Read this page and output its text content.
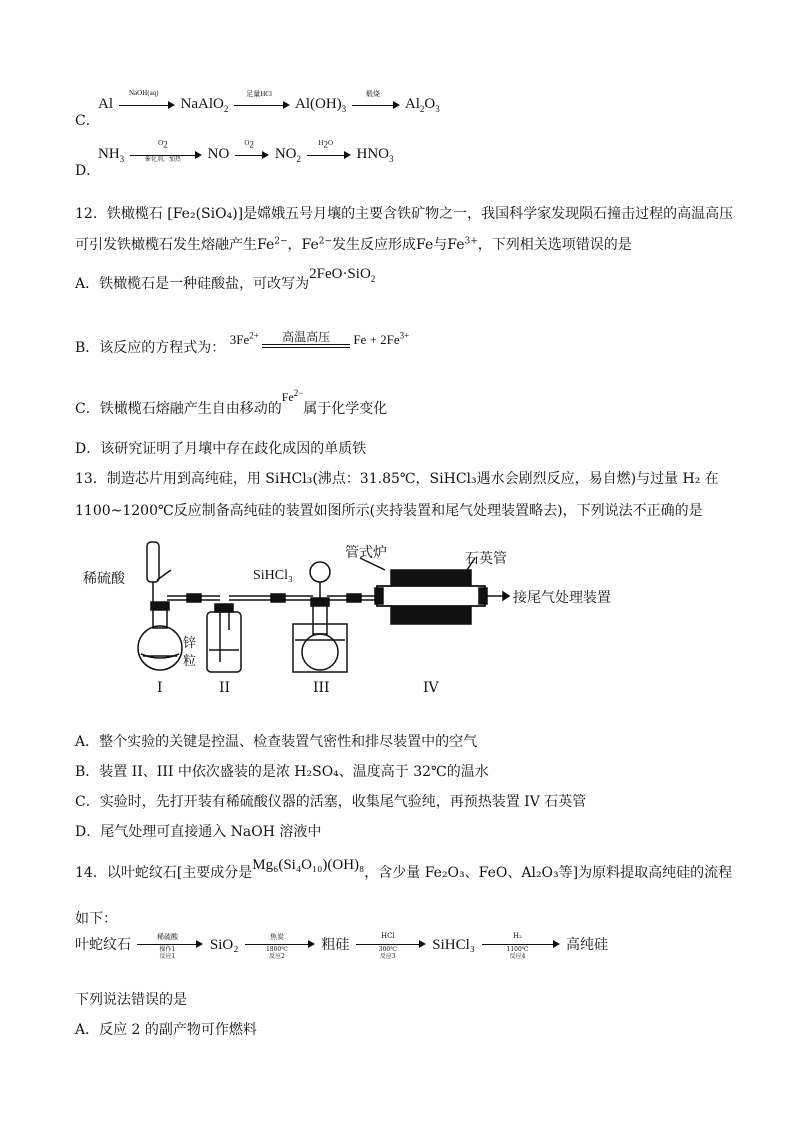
C．
Al
NaOH(aq)
NaAlO$_2$
足量HCl
$Al(OH)_3$
煅烧
$Al_2O_3$
D．
$NH_3$
$O_2$
催化剂，加热	NO
$O_2$
$NO_2$
$H_2O$
$HNO_3$
12．铁橄榄石 [Fe₂(SiO₄)]是嫦娥五号月壤的主要含铁矿物之一，我国科学家发现陨石撞击过程的高温高压
可引发铁橄榄石发生熔融产生$Fe^{2-}$，$Fe^{2-}$发生反应形成Fe与$Fe^{3+}$，下列相关选项错误的是
A．铁橄榄石是一种硅酸盐，可改写为2FeO·SiO$_2$
B．该反应的方程式为： $3Fe^{2+}$	高温高压	$Fe + 2Fe^{3+}$
C．铁橄榄石熔融产生自由移动的$Fe^{2-}$属于化学变化
D．该研究证明了月壤中存在歧化成因的单质铁
13．制造芯片用到高纯硅，用 SiHCl₃(沸点：31.85℃，SiHCl₃遇水会剧烈反应，易自燃)与过量 H₂ 在
1100~1200℃反应制备高纯硅的装置如图所示(夹持装置和尾气处理装置略去)，下列说法不正确的是
稀硫酸	SiHCl₃
管式炉	石英管
接尾气处理装置
锌
粒
I	II	III	IV
A．整个实验的关键是控温、检查装置气密性和排尽装置中的空气
B．装置 II、III 中依次盛装的是浓 H₂SO₄、温度高于 32℃的温水
C．实验时，先打开装有稀硫酸仪器的活塞，收集尾气验纯，再预热装置 IV 石英管
D．尾气处理可直接通入 NaOH 溶液中
14．以叶蛇纹石[主要成分是Mg₆(Si₄O₁₀)(OH)₈，含少量 Fe₂O₃、FeO、Al₂O₃等]为原料提取高纯硅的流程
如下：
叶蛇纹石	稀硫酸
操作1
反应1
SiO₂	焦炭
1800℃
反应2
粗硅
HCl
300℃
反应3
SiHCl₃
H₂
1100℃
反应4
高纯硅
下列说法错误的是
A．反应 2 的副产物可作燃料
